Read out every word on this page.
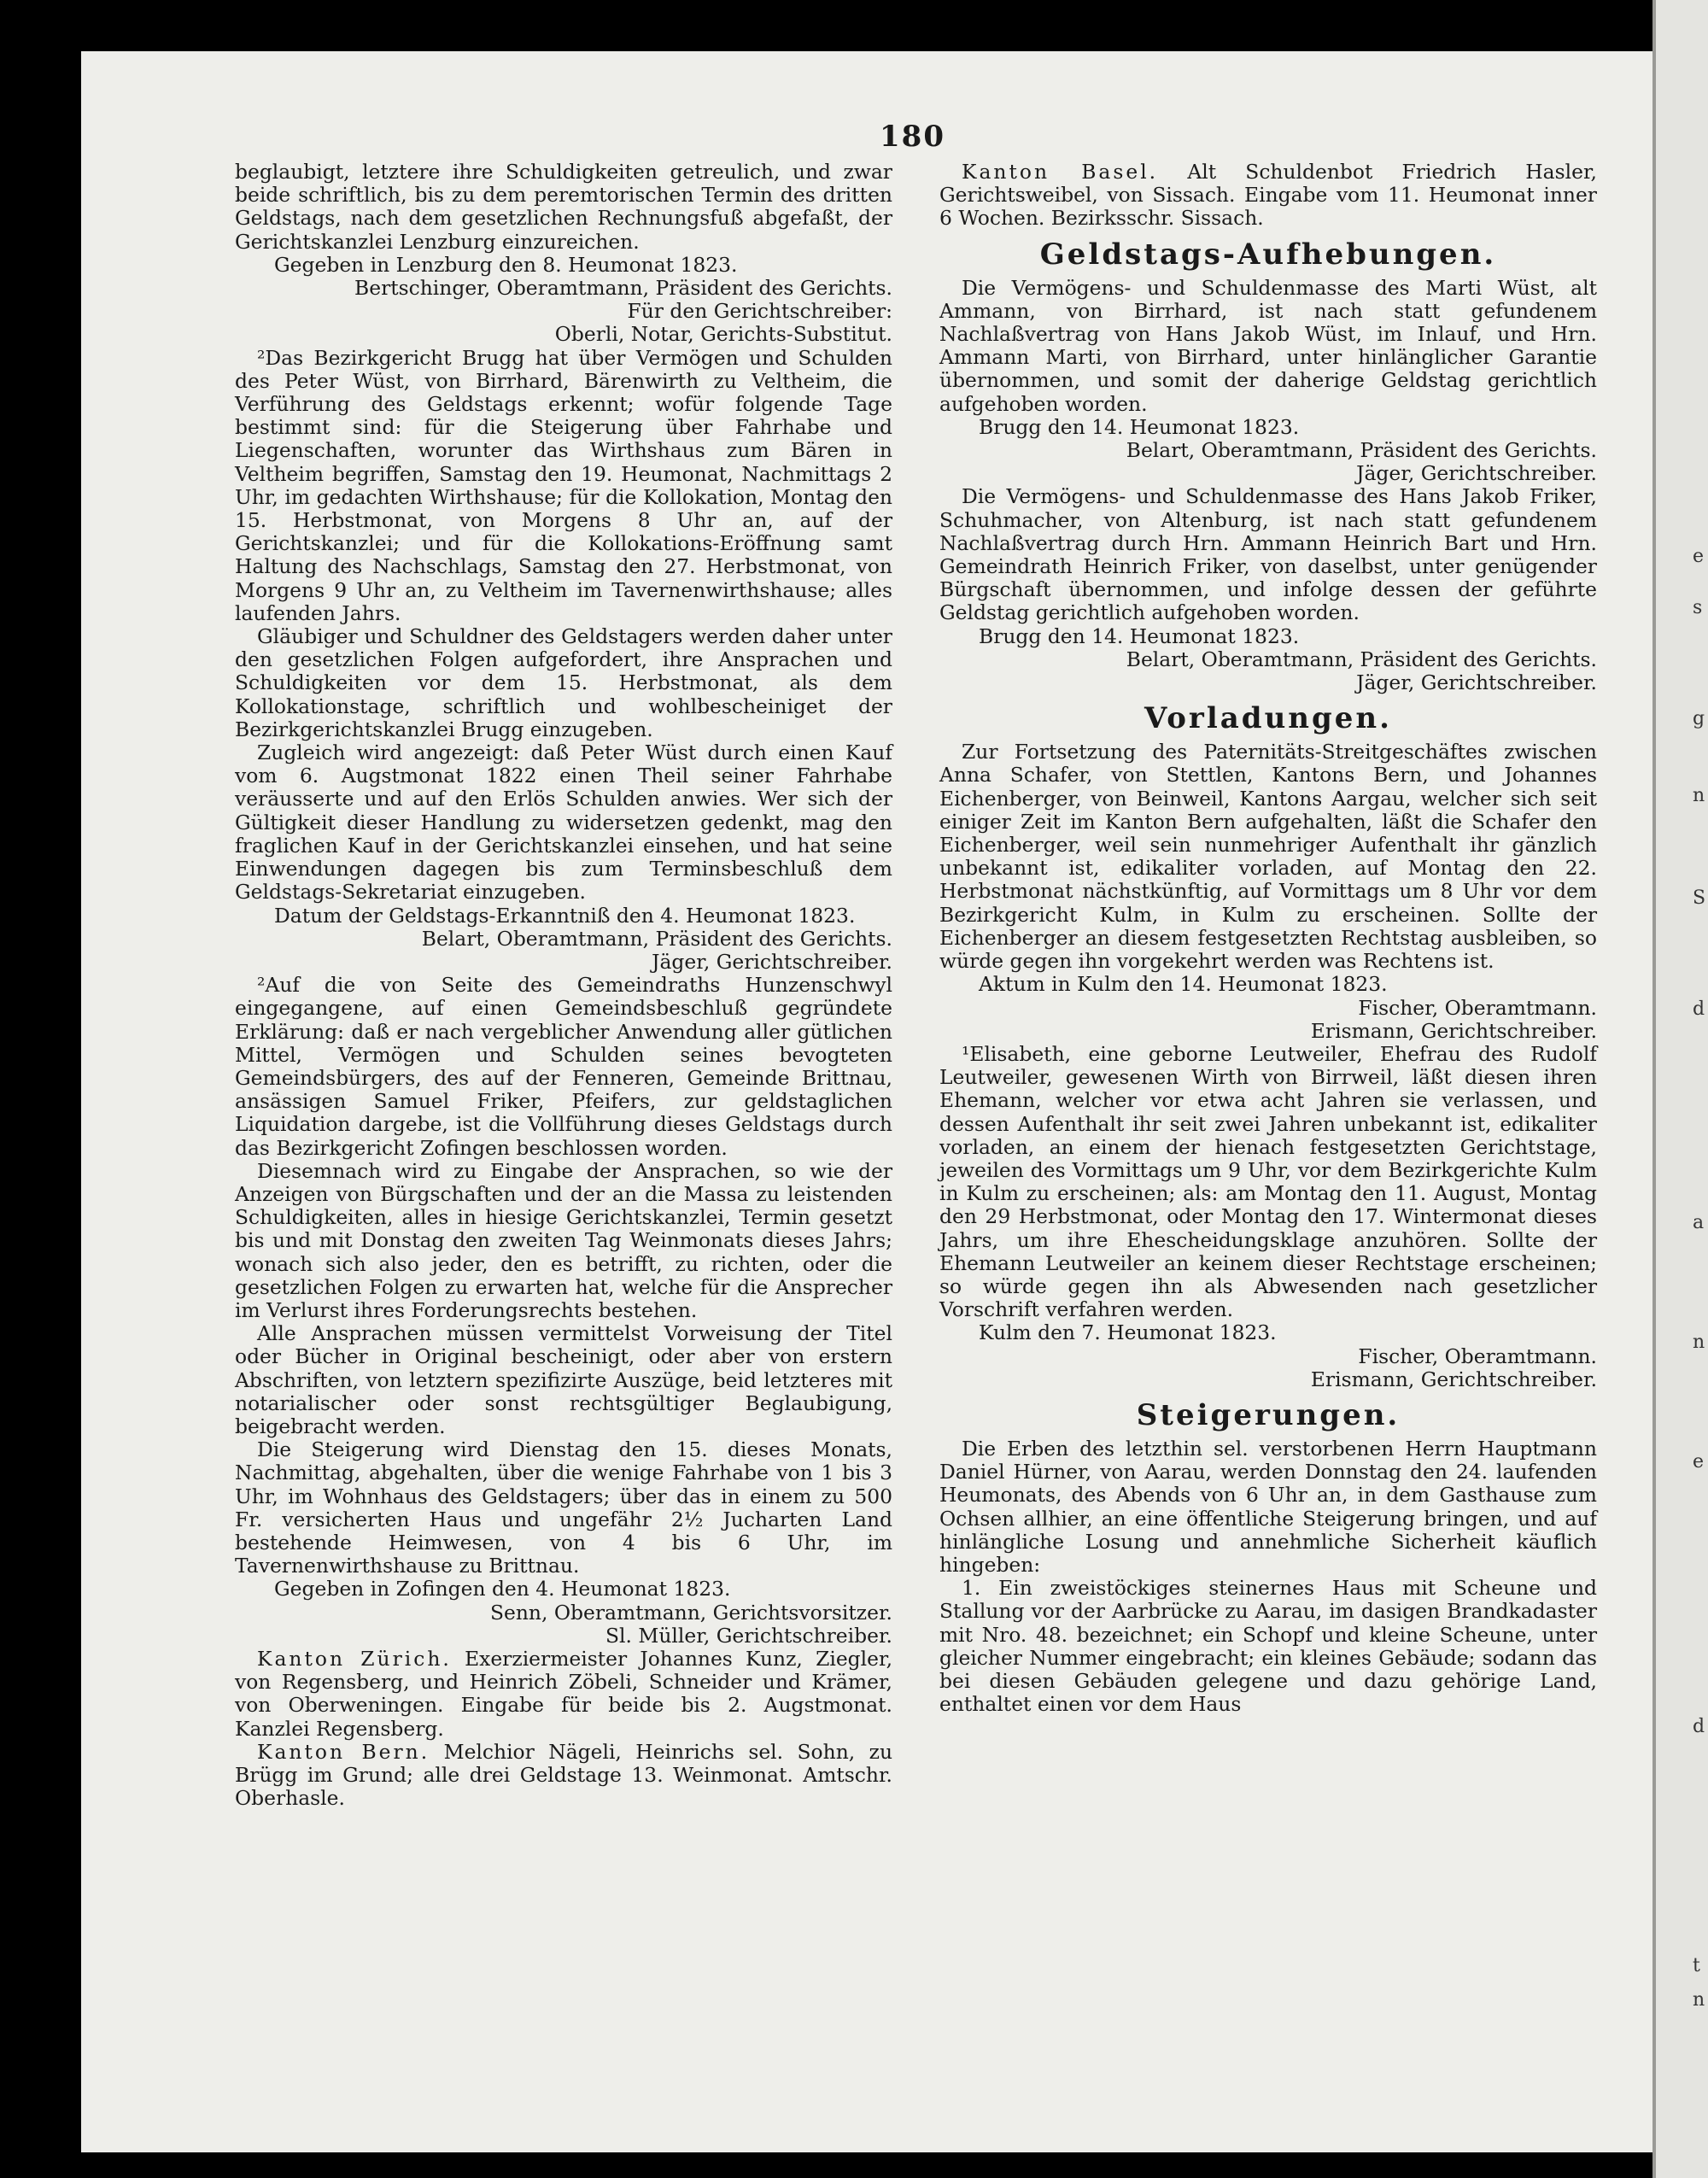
e
s
g
n
S
d
a
n
e
d
t
n
180

beglaubigt, letztere ihre Schuldigkeiten getreulich, und zwar beide schriftlich, bis zu dem peremtorischen Termin des dritten Geldstags, nach dem gesetzlichen Rechnungsfuß abgefaßt, der Gerichtskanzlei Lenzburg einzureichen.

Gegeben in Lenzburg den 8. Heumonat 1823.

Bertschinger, Oberamtmann, Präsident des Gerichts.

Für den Gerichtschreiber:

Oberli, Notar, Gerichts-Substitut.

²Das Bezirkgericht Brugg hat über Vermögen und Schulden des Peter Wüst, von Birrhard, Bärenwirth zu Veltheim, die Verführung des Geldstags erkennt; wofür folgende Tage bestimmt sind: für die Steigerung über Fahrhabe und Liegenschaften, worunter das Wirthshaus zum Bären in Veltheim begriffen, Samstag den 19. Heumonat, Nachmittags 2 Uhr, im gedachten Wirthshause; für die Kollokation, Montag den 15. Herbstmonat, von Morgens 8 Uhr an, auf der Gerichtskanzlei; und für die Kollokations-Eröffnung samt Haltung des Nachschlags, Samstag den 27. Herbstmonat, von Morgens 9 Uhr an, zu Veltheim im Tavernenwirthshause; alles laufenden Jahrs.

Gläubiger und Schuldner des Geldstagers werden daher unter den gesetzlichen Folgen aufgefordert, ihre Ansprachen und Schuldigkeiten vor dem 15. Herbstmonat, als dem Kollokationstage, schriftlich und wohlbescheiniget der Bezirkgerichtskanzlei Brugg einzugeben.

Zugleich wird angezeigt: daß Peter Wüst durch einen Kauf vom 6. Augstmonat 1822 einen Theil seiner Fahrhabe veräusserte und auf den Erlös Schulden anwies. Wer sich der Gültigkeit dieser Handlung zu widersetzen gedenkt, mag den fraglichen Kauf in der Gerichtskanzlei einsehen, und hat seine Einwendungen dagegen bis zum Terminsbeschluß dem Geldstags-Sekretariat einzugeben.

Datum der Geldstags-Erkanntniß den 4. Heumonat 1823.

Belart, Oberamtmann, Präsident des Gerichts.

Jäger, Gerichtschreiber.

²Auf die von Seite des Gemeindraths Hunzenschwyl eingegangene, auf einen Gemeindsbeschluß gegründete Erklärung: daß er nach vergeblicher Anwendung aller gütlichen Mittel, Vermögen und Schulden seines bevogteten Gemeindsbürgers, des auf der Fenneren, Gemeinde Brittnau, ansässigen Samuel Friker, Pfeifers, zur geldstaglichen Liquidation dargebe, ist die Vollführung dieses Geldstags durch das Bezirkgericht Zofingen beschlossen worden.

Diesemnach wird zu Eingabe der Ansprachen, so wie der Anzeigen von Bürgschaften und der an die Massa zu leistenden Schuldigkeiten, alles in hiesige Gerichtskanzlei, Termin gesetzt bis und mit Donstag den zweiten Tag Weinmonats dieses Jahrs; wonach sich also jeder, den es betrifft, zu richten, oder die gesetzlichen Folgen zu erwarten hat, welche für die Ansprecher im Verlurst ihres Forderungsrechts bestehen.

Alle Ansprachen müssen vermittelst Vorweisung der Titel oder Bücher in Original bescheinigt, oder aber von erstern Abschriften, von letztern spezifizirte Auszüge, beid letzteres mit notarialischer oder sonst rechtsgültiger Beglaubigung, beigebracht werden.

Die Steigerung wird Dienstag den 15. dieses Monats, Nachmittag, abgehalten, über die wenige Fahrhabe von 1 bis 3 Uhr, im Wohnhaus des Geldstagers; über das in einem zu 500 Fr. versicherten Haus und ungefähr 2½ Jucharten Land bestehende Heimwesen, von 4 bis 6 Uhr, im Tavernenwirthshause zu Brittnau.

Gegeben in Zofingen den 4. Heumonat 1823.

Senn, Oberamtmann, Gerichtsvorsitzer.

Sl. Müller, Gerichtschreiber.

Kanton Zürich. Exerziermeister Johannes Kunz, Ziegler, von Regensberg, und Heinrich Zöbeli, Schneider und Krämer, von Oberweningen. Eingabe für beide bis 2. Augstmonat. Kanzlei Regensberg.

Kanton Bern. Melchior Nägeli, Heinrichs sel. Sohn, zu Brügg im Grund; alle drei Geldstage 13. Weinmonat. Amtschr. Oberhasle.

Kanton Basel. Alt Schuldenbot Friedrich Hasler, Gerichtsweibel, von Sissach. Eingabe vom 11. Heumonat inner 6 Wochen. Bezirksschr. Sissach.

Geldstags-Aufhebungen.

Die Vermögens- und Schuldenmasse des Marti Wüst, alt Ammann, von Birrhard, ist nach statt gefundenem Nachlaßvertrag von Hans Jakob Wüst, im Inlauf, und Hrn. Ammann Marti, von Birrhard, unter hinlänglicher Garantie übernommen, und somit der daherige Geldstag gerichtlich aufgehoben worden.

Brugg den 14. Heumonat 1823.

Belart, Oberamtmann, Präsident des Gerichts.

Jäger, Gerichtschreiber.

Die Vermögens- und Schuldenmasse des Hans Jakob Friker, Schuhmacher, von Altenburg, ist nach statt gefundenem Nachlaßvertrag durch Hrn. Ammann Heinrich Bart und Hrn. Gemeindrath Heinrich Friker, von daselbst, unter genügender Bürgschaft übernommen, und infolge dessen der geführte Geldstag gerichtlich aufgehoben worden.

Brugg den 14. Heumonat 1823.

Belart, Oberamtmann, Präsident des Gerichts.

Jäger, Gerichtschreiber.

Vorladungen.

Zur Fortsetzung des Paternitäts-Streitgeschäftes zwischen Anna Schafer, von Stettlen, Kantons Bern, und Johannes Eichenberger, von Beinweil, Kantons Aargau, welcher sich seit einiger Zeit im Kanton Bern aufgehalten, läßt die Schafer den Eichenberger, weil sein nunmehriger Aufenthalt ihr gänzlich unbekannt ist, edikaliter vorladen, auf Montag den 22. Herbstmonat nächstkünftig, auf Vormittags um 8 Uhr vor dem Bezirkgericht Kulm, in Kulm zu erscheinen. Sollte der Eichenberger an diesem festgesetzten Rechtstag ausbleiben, so würde gegen ihn vorgekehrt werden was Rechtens ist.

Aktum in Kulm den 14. Heumonat 1823.

Fischer, Oberamtmann.

Erismann, Gerichtschreiber.

¹Elisabeth, eine geborne Leutweiler, Ehefrau des Rudolf Leutweiler, gewesenen Wirth von Birrweil, läßt diesen ihren Ehemann, welcher vor etwa acht Jahren sie verlassen, und dessen Aufenthalt ihr seit zwei Jahren unbekannt ist, edikaliter vorladen, an einem der hienach festgesetzten Gerichtstage, jeweilen des Vormittags um 9 Uhr, vor dem Bezirkgerichte Kulm in Kulm zu erscheinen; als: am Montag den 11. August, Montag den 29 Herbstmonat, oder Montag den 17. Wintermonat dieses Jahrs, um ihre Ehescheidungsklage anzuhören. Sollte der Ehemann Leutweiler an keinem dieser Rechtstage erscheinen; so würde gegen ihn als Abwesenden nach gesetzlicher Vorschrift verfahren werden.

Kulm den 7. Heumonat 1823.

Fischer, Oberamtmann.

Erismann, Gerichtschreiber.

Steigerungen.

Die Erben des letzthin sel. verstorbenen Herrn Hauptmann Daniel Hürner, von Aarau, werden Donnstag den 24. laufenden Heumonats, des Abends von 6 Uhr an, in dem Gasthause zum Ochsen allhier, an eine öffentliche Steigerung bringen, und auf hinlängliche Losung und annehmliche Sicherheit käuflich hingeben:

1. Ein zweistöckiges steinernes Haus mit Scheune und Stallung vor der Aarbrücke zu Aarau, im dasigen Brandkadaster mit Nro. 48. bezeichnet; ein Schopf und kleine Scheune, unter gleicher Nummer eingebracht; ein kleines Gebäude; sodann das bei diesen Gebäuden gelegene und dazu gehörige Land, enthaltet einen vor dem Haus
